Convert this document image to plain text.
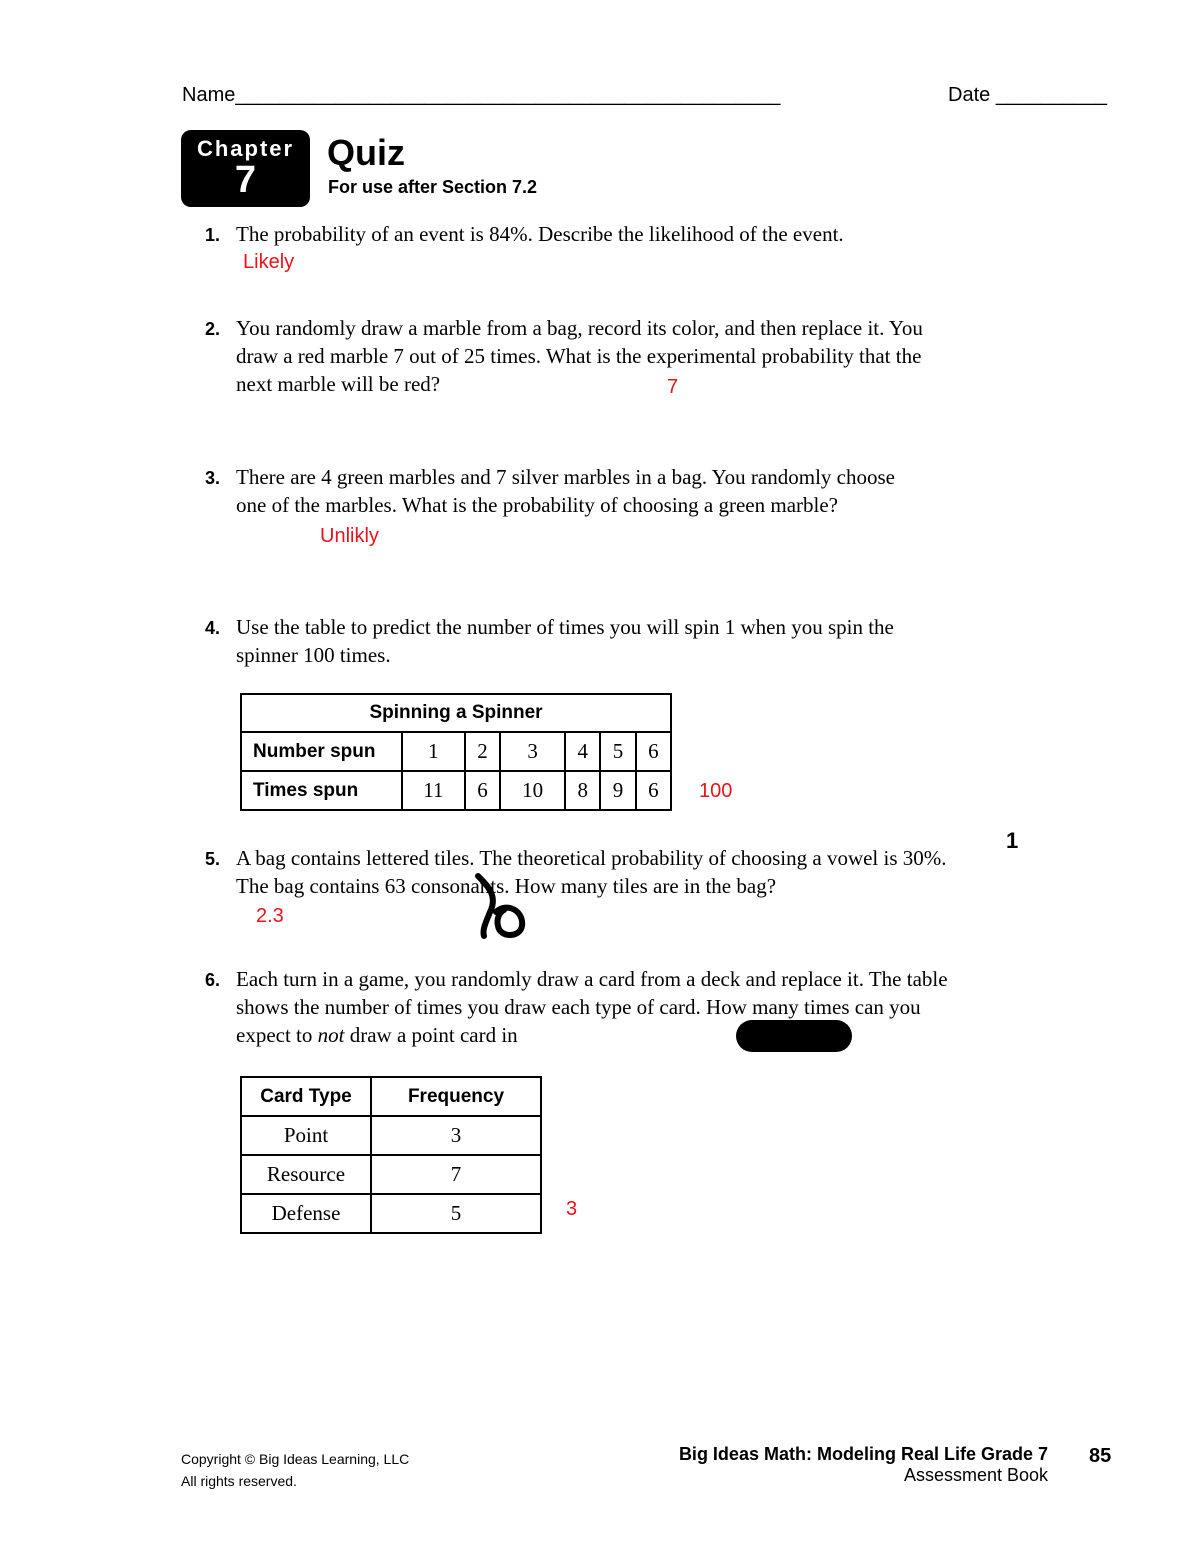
Name_________________________________________________	Date __________
Chapter
7
Quiz
For use after Section 7.2
1. The probability of an event is 84%. Describe the likelihood of the event.
Likely
2. You randomly draw a marble from a bag, record its color, and then replace it. You draw a red marble 7 out of 25 times. What is the experimental probability that the next marble will be red?	7
3. There are 4 green marbles and 7 silver marbles in a bag. You randomly choose one of the marbles. What is the probability of choosing a green marble?
Unlikly
4. Use the table to predict the number of times you will spin 1 when you spin the spinner 100 times.
Spinning a Spinner						
Number spun	1	2	3	4	5	6
Times spun	11	6	10	8	9	6 100
1
5. A bag contains lettered tiles. The theoretical probability of choosing a vowel is 30%. The bag contains 63 consonants. How many tiles are in the bag?
2.3
6. Each turn in a game, you randomly draw a card from a deck and replace it. The table shows the number of times you draw each type of card. How many times can you expect to not draw a point card in
Card Type	Frequency
Point	3
Resource	7
Defense	5	3
Copyright © Big Ideas Learning, LLC
All rights reserved.
Big Ideas Math: Modeling Real Life Grade 7
Assessment Book
85
